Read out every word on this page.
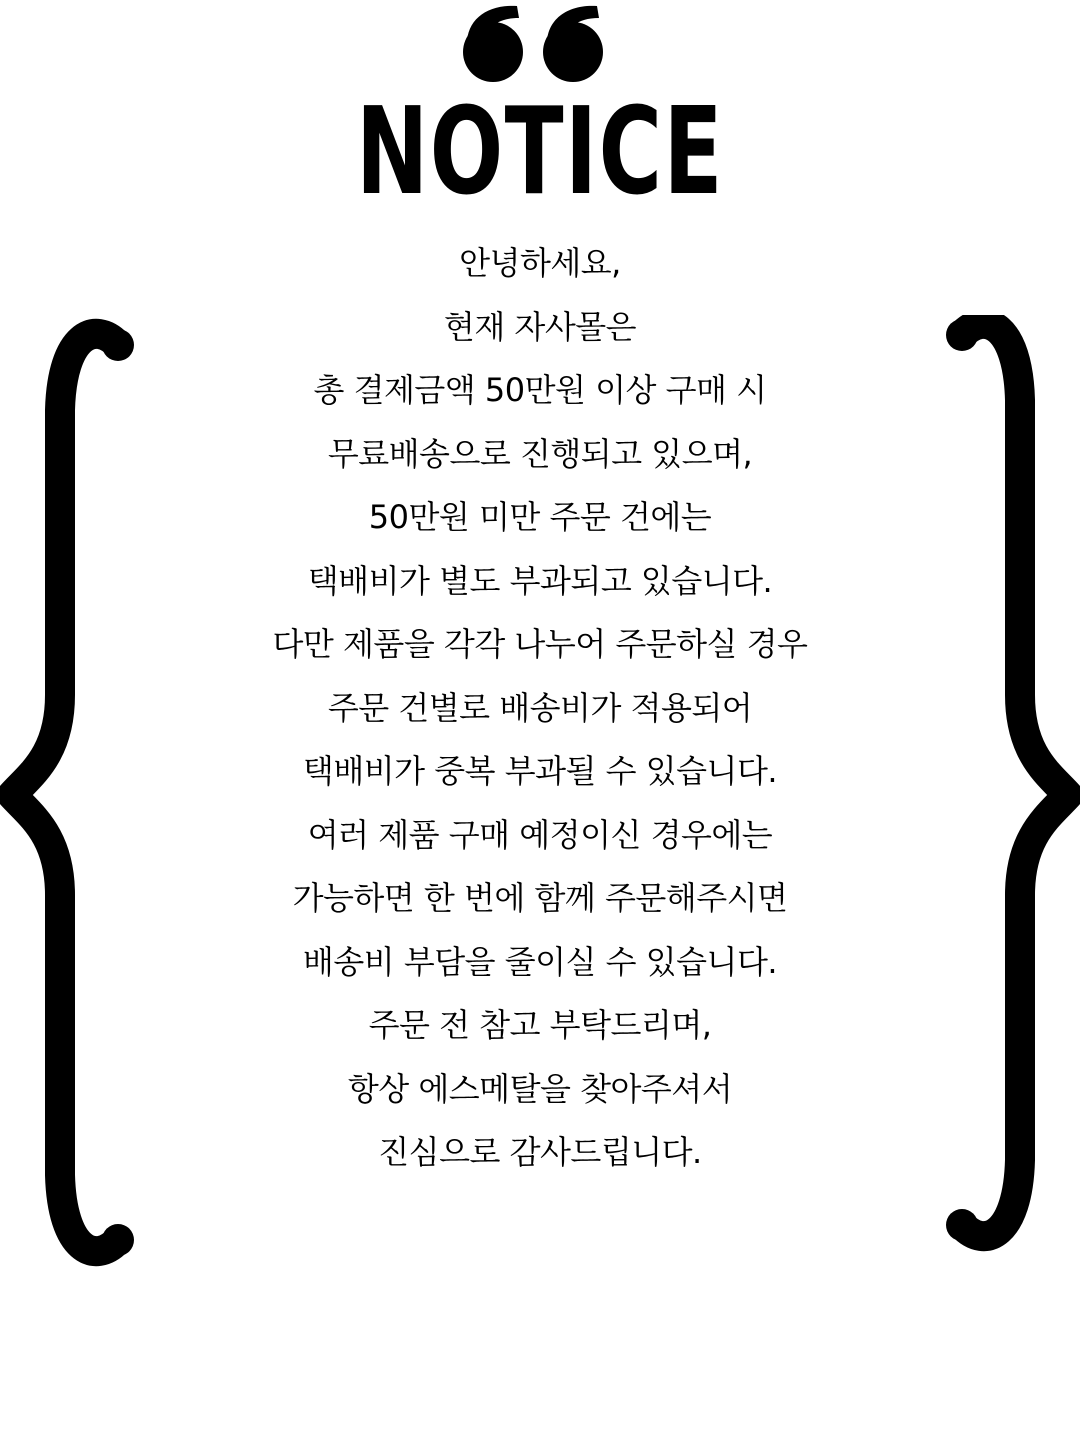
NOTICE
안녕하세요,
현재 자사몰은
총 결제금액 50만원 이상 구매 시
무료배송으로 진행되고 있으며,
50만원 미만 주문 건에는
택배비가 별도 부과되고 있습니다.
다만 제품을 각각 나누어 주문하실 경우
주문 건별로 배송비가 적용되어
택배비가 중복 부과될 수 있습니다.
여러 제품 구매 예정이신 경우에는
가능하면 한 번에 함께 주문해주시면
배송비 부담을 줄이실 수 있습니다.
주문 전 참고 부탁드리며,
항상 에스메탈을 찾아주셔서
진심으로 감사드립니다.
